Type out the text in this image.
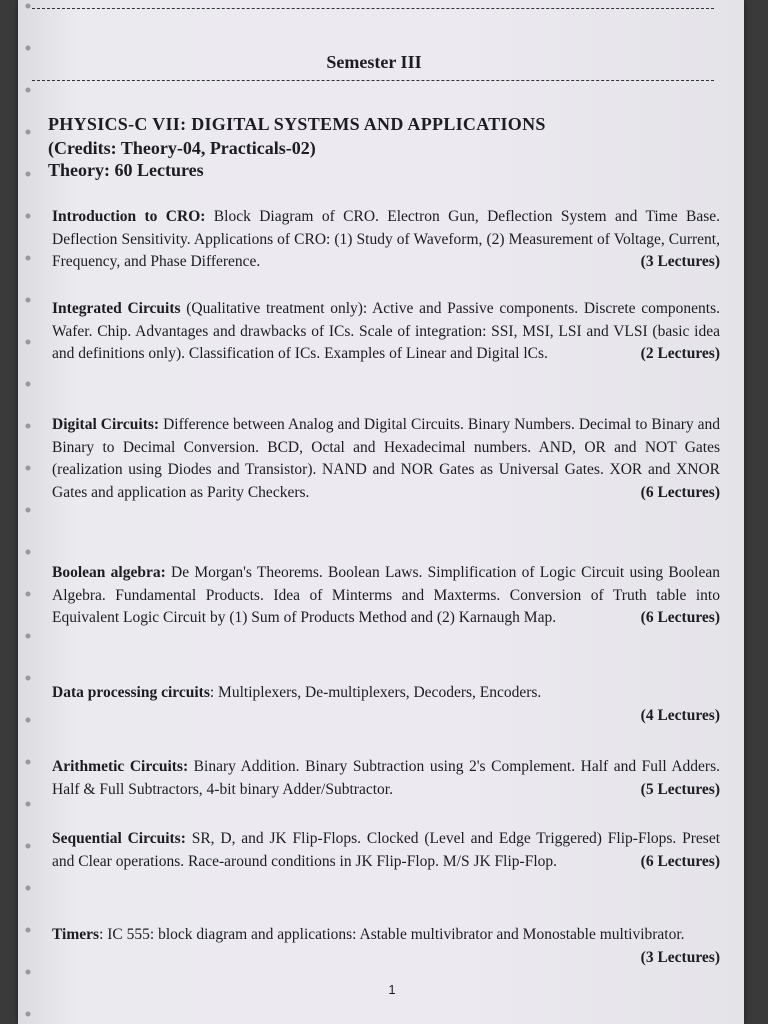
Semester III
PHYSICS-C VII: DIGITAL SYSTEMS AND APPLICATIONS
(Credits: Theory-04, Practicals-02)
Theory: 60 Lectures
Introduction to CRO: Block Diagram of CRO. Electron Gun, Deflection System and Time Base. Deflection Sensitivity. Applications of CRO: (1) Study of Waveform, (2) Measurement of Voltage, Current, Frequency, and Phase Difference.	(3 Lectures)
Integrated Circuits (Qualitative treatment only): Active and Passive components. Discrete components. Wafer. Chip. Advantages and drawbacks of ICs. Scale of integration: SSI, MSI, LSI and VLSI (basic idea and definitions only). Classification of ICs. Examples of Linear and Digital lCs.	(2 Lectures)
Digital Circuits: Difference between Analog and Digital Circuits. Binary Numbers. Decimal to Binary and Binary to Decimal Conversion. BCD, Octal and Hexadecimal numbers. AND, OR and NOT Gates (realization using Diodes and Transistor). NAND and NOR Gates as Universal Gates. XOR and XNOR Gates and application as Parity Checkers.	(6 Lectures)
Boolean algebra: De Morgan's Theorems. Boolean Laws. Simplification of Logic Circuit using Boolean Algebra. Fundamental Products. Idea of Minterms and Maxterms. Conversion of Truth table into Equivalent Logic Circuit by (1) Sum of Products Method and (2) Karnaugh Map.	(6 Lectures)
Data processing circuits: Multiplexers, De-multiplexers, Decoders, Encoders.
(4 Lectures)
Arithmetic Circuits: Binary Addition. Binary Subtraction using 2's Complement. Half and Full Adders. Half & Full Subtractors, 4-bit binary Adder/Subtractor.	(5 Lectures)
Sequential Circuits: SR, D, and JK Flip-Flops. Clocked (Level and Edge Triggered) Flip-Flops. Preset and Clear operations. Race-around conditions in JK Flip-Flop. M/S JK Flip-Flop.	(6 Lectures)
Timers: IC 555: block diagram and applications: Astable multivibrator and Monostable multivibrator.
(3 Lectures)
1
